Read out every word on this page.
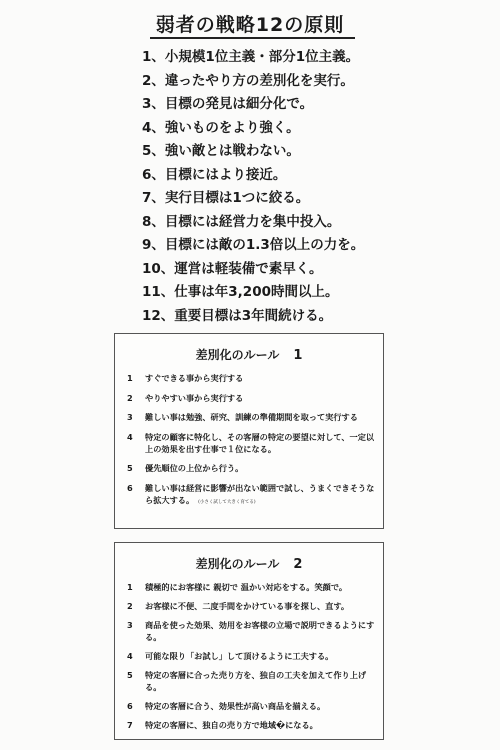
弱者の戦略12の原則
1、小規模1位主義・部分1位主義。
2、違ったやり方の差別化を実行。
3、目標の発見は細分化で。
4、強いものをより強く。
5、強い敵とは戦わない。
6、目標にはより接近。
7、実行目標は1つに絞る。
8、目標には経営力を集中投入。
9、目標には敵の1.3倍以上の力を。
10、運営は軽装備で素早く。
11、仕事は年3,200時間以上。
12、重要目標は3年間続ける。
差別化のルール 1
1 すぐできる事から実行する
2 やりやすい事から実行する
3 難しい事は勉強、研究、訓練の準備期間を取って実行する
4 特定の顧客に特化し、その客層の特定の要望に対して、一定以上の効果を出す仕事で１位になる。
5 優先順位の上位から行う。
6 難しい事は経営に影響が出ない範囲で試し、うまくできそうなら拡大する。 (小さく試して大きく育てる)
差別化のルール 2
1 積極的にお客様に 親切で 温かい対応をする。笑顔で。
2 お客様に不便、二度手間をかけている事を探し、直す。
3 商品を使った効果、効用をお客様の立場で説明できるようにする。
4 可能な限り「お試し」して頂けるように工夫する。
5 特定の客層に合った売り方を、独自の工夫を加えて作り上げる。
6 特定の客層に合う、効果性が高い商品を揃える。
7 特定の客層に、独自の売り方で地域�になる。
